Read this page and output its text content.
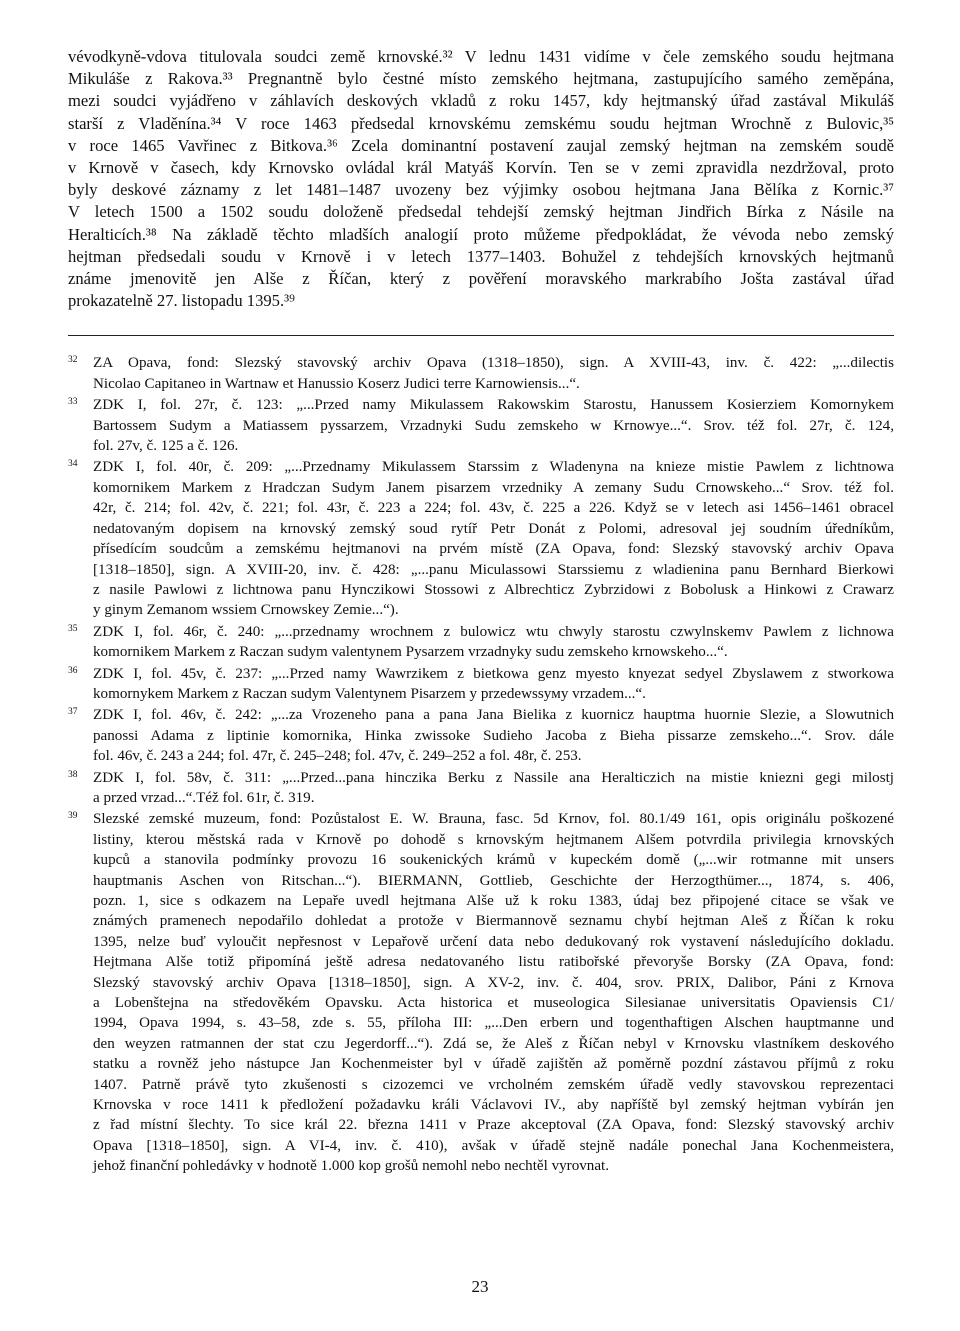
vévodkyně-vdova titulovala soudci země krnovské.³² V lednu 1431 vidíme v čele zemského soudu hejtmana
Mikuláše z Rakova.³³ Pregnantně bylo čestné místo zemského hejtmana, zastupujícího samého zeměpána,
mezi soudci vyjádřeno v záhlavích deskových vkladů z roku 1457, kdy hejtmanský úřad zastával Mikuláš
starší z Vladěnína.³⁴ V roce 1463 předsedal krnovskému zemskému soudu hejtman Wrochně z Bulovic,³⁵
v roce 1465 Vavřinec z Bitkova.³⁶ Zcela dominantní postavení zaujal zemský hejtman na zemském soudě
v Krnově v časech, kdy Krnovsko ovládal král Matyáš Korvín. Ten se v zemi zpravidla nezdržoval, proto
byly deskové záznamy z let 1481–1487 uvozeny bez výjimky osobou hejtmana Jana Bělíka z Kornic.³⁷
V letech 1500 a 1502 soudu doloženě předsedal tehdejší zemský hejtman Jindřich Bírka z Násile na
Heralticích.³⁸ Na základě těchto mladších analogií proto můžeme předpokládat, že vévoda nebo zemský
hejtman předsedali soudu v Krnově i v letech 1377–1403. Bohužel z tehdejších krnovských hejtmanů
známe jmenovitě jen Alše z Říčan, který z pověření moravského markrabího Jošta zastával úřad
prokazatelně 27. listopadu 1395.³⁹
32 ZA Opava, fond: Slezský stavovský archiv Opava (1318–1850), sign. A XVIII-43, inv. č. 422: „...dilectis
Nicolao Capitaneo in Wartnaw et Hanussio Koserz Judici terre Karnowiensis...“.
33 ZDK I, fol. 27r, č. 123: „...Przed namy Mikulassem Rakowskim Starostu, Hanussem Kosierziem Komornykem
Bartossem Sudym a Matiassem pyssarzem, Vrzadnyki Sudu zemskeho w Krnowye...“. Srov. též fol. 27r, č. 124,
fol. 27v, č. 125 a č. 126.
34 ZDK I, fol. 40r, č. 209: „...Przednamy Mikulassem Starssim z Wladenyna na knieze mistie Pawlem z lichtnowa
komornikem Markem z Hradczan Sudym Janem pisarzem vrzedniky A zemany Sudu Crnowskeho...“ Srov. též fol.
42r, č. 214; fol. 42v, č. 221; fol. 43r, č. 223 a 224; fol. 43v, č. 225 a 226. Když se v letech asi 1456–1461 obracel
nedatovaným dopisem na krnovský zemský soud rytíř Petr Donát z Polomi, adresoval jej soudním úředníkům,
přísedícím soudcům a zemskému hejtmanovi na prvém místě (ZA Opava, fond: Slezský stavovský archiv Opava
[1318–1850], sign. A XVIII-20, inv. č. 428: „...panu Miculassowi Starssiemu z wladienina panu Bernhard Bierkowi
z nasile Pawlowi z lichtnowa panu Hynczikowi Stossowi z Albrechticz Zybrzidowi z Bobolusk a Hinkowi z Crawarz
y ginym Zemanom wssiem Crnowskey Zemie...“).
35 ZDK I, fol. 46r, č. 240: „...przednamy wrochnem z bulowicz wtu chwyly starostu czwylnskemv Pawlem z lichnowa
komornikem Markem z Raczan sudym valentynem Pysarzem vrzadnyky sudu zemskeho krnowskeho...“.
36 ZDK I, fol. 45v, č. 237: „...Przed namy Wawrzikem z bietkowa genz myesto knyezat sedyel Zbyslawem z stworkowa
komornykem Markem z Raczan sudym Valentynem Pisarzem y przedewssyмy vrzadem...“.
37 ZDK I, fol. 46v, č. 242: „...za Vrozeneho pana a pana Jana Bielika z kuornicz hauptma huornie Slezie, a Slowutnich
panossi Adama z liptinie komornika, Hinka zwissoke Sudieho Jacoba z Bieha pissarze zemskeho...“. Srov. dále
fol. 46v, č. 243 a 244; fol. 47r, č. 245–248; fol. 47v, č. 249–252 a fol. 48r, č. 253.
38 ZDK I, fol. 58v, č. 311: „...Przed...pana hinczika Berku z Nassile ana Heralticzich na mistie kniezni gegi milostj
a przed vrzad...“.Též fol. 61r, č. 319.
39 Slezské zemské muzeum, fond: Pozůstalost E. W. Brauna, fasc. 5d Krnov, fol. 80.1/49 161, opis originálu poškozené
listiny, kterou městská rada v Krnově po dohodě s krnovským hejtmanem Alšem potvrdila privilegia krnovských
kupců a stanovila podmínky provozu 16 soukenických krámů v kupeckém domě („...wir rotmanne mit unsers
hauptmanis Aschen von Ritschan...“). BIERMANN, Gottlieb, Geschichte der Herzogthümer..., 1874, s. 406,
pozn. 1, sice s odkazem na Lepaře uvedl hejtmana Alše už k roku 1383, údaj bez připojené citace se však ve
známých pramenech nepodařilo dohledat a protože v Biermannově seznamu chybí hejtman Aleš z Říčan k roku
1395, nelze buď vyloučit nepřesnost v Lepařově určení data nebo dedukovaný rok vystavení následujícího dokladu.
Hejtmana Alše totiž připomíná ještě adresa nedatovaného listu ratibořské převoryše Borsky (ZA Opava, fond:
Slezský stavovský archiv Opava [1318–1850], sign. A XV-2, inv. č. 404, srov. PRIX, Dalibor, Páni z Krnova
a Lobenštejna na středověkém Opavsku. Acta historica et museologica Silesianae universitatis Opaviensis C1/
1994, Opava 1994, s. 43–58, zde s. 55, příloha III: „...Den erbern und togenthaftigen Alschen hauptmanne und
den weyzen ratmannen der stat czu Jegerdorff...“). Zdá se, že Aleš z Říčan nebyl v Krnovsku vlastníkem deskového
statku a rovněž jeho nástupce Jan Kochenmeister byl v úřadě zajištěn až poměrně pozdní zástavou příjmů z roku
1407. Patrně právě tyto zkušenosti s cizozemci ve vrcholném zemském úřadě vedly stavovskou reprezentaci
Krnovska v roce 1411 k předložení požadavku králi Václavovi IV., aby napříště byl zemský hejtman vybírán jen
z řad místní šlechty. To sice král 22. března 1411 v Praze akceptoval (ZA Opava, fond: Slezský stavovský archiv
Opava [1318–1850], sign. A VI-4, inv. č. 410), avšak v úřadě stejně nadále ponechal Jana Kochenmeistera,
jehož finanční pohledávky v hodnotě 1.000 kop grošů nemohl nebo nechtěl vyrovnat.
23
